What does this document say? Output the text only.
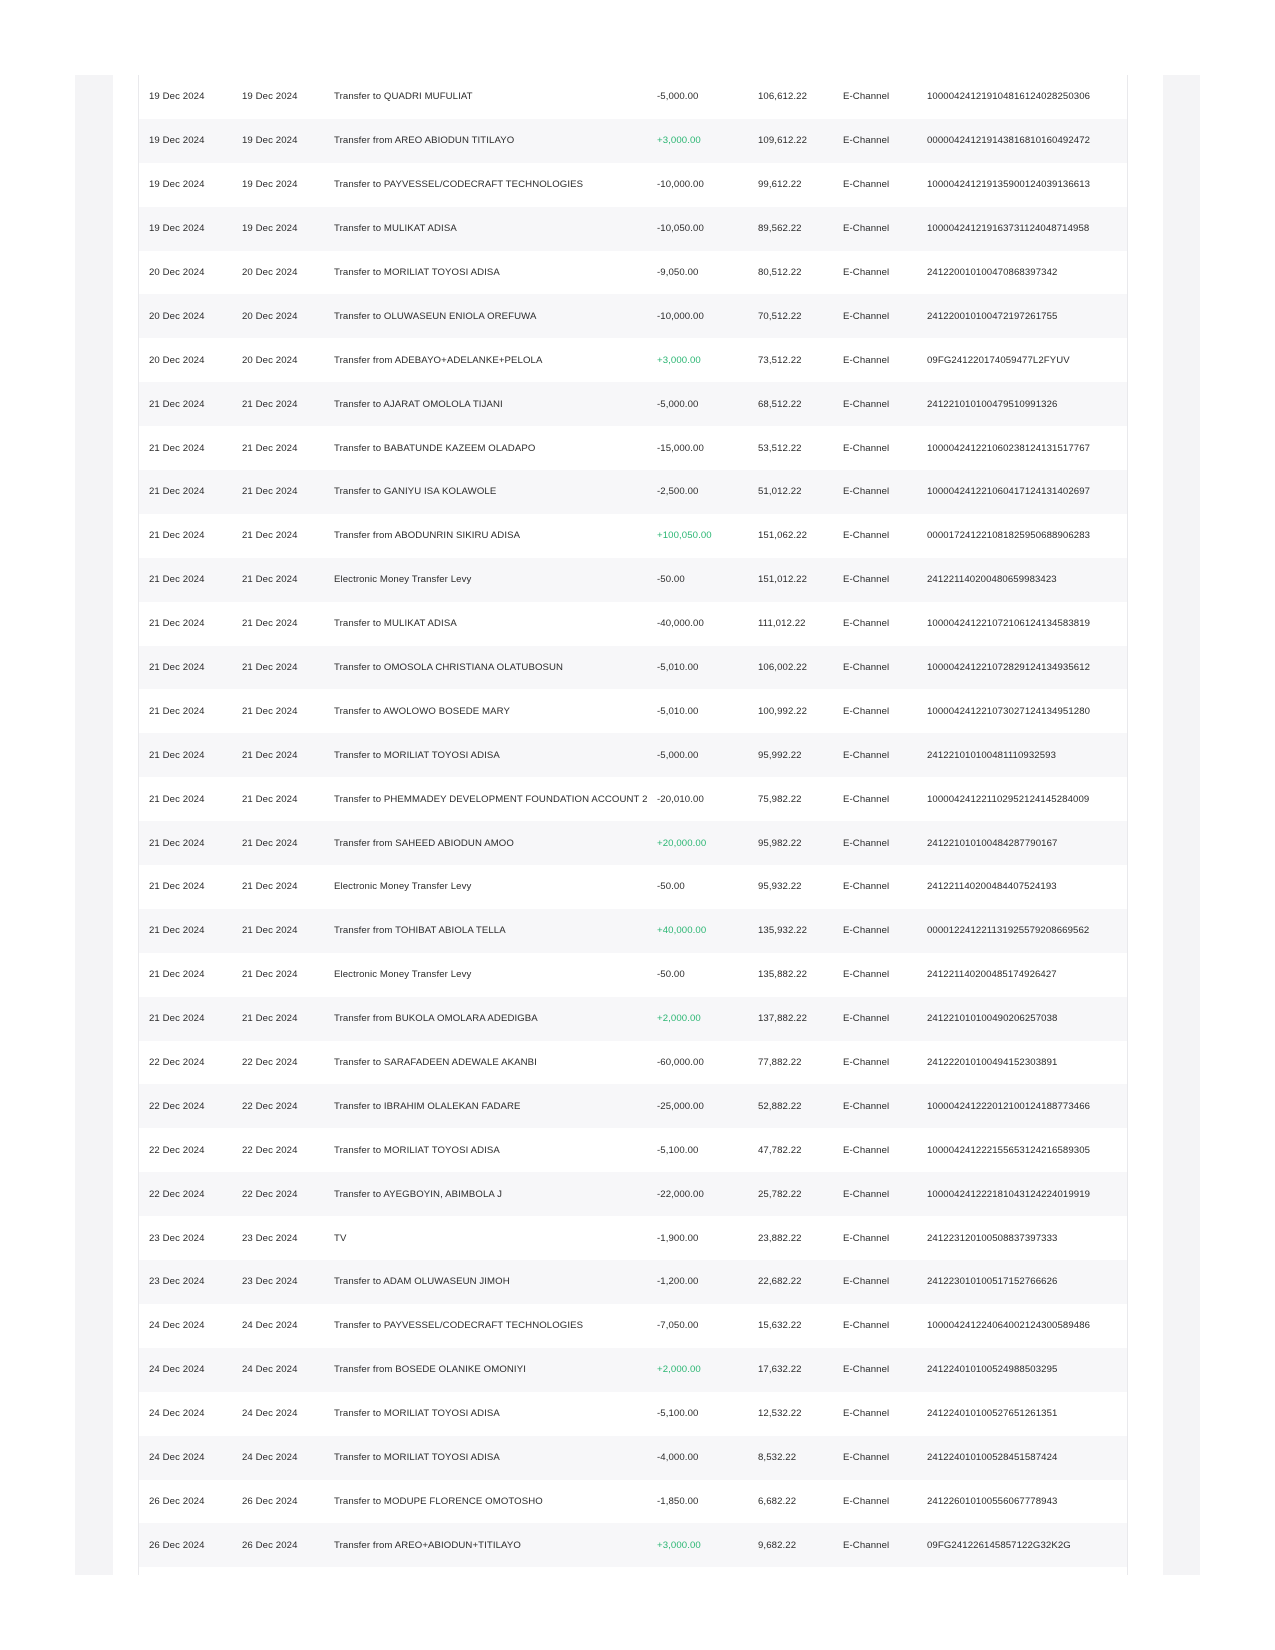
19 Dec 2024	19 Dec 2024	Transfer to QUADRI MUFULIAT	-5,000.00	106,612.22	E-Channel	100004241219104816124028250306
19 Dec 2024	19 Dec 2024	Transfer from AREO ABIODUN TITILAYO	+3,000.00	109,612.22	E-Channel	000004241219143816810160492472
19 Dec 2024	19 Dec 2024	Transfer to PAYVESSEL/CODECRAFT TECHNOLOGIES	-10,000.00	99,612.22	E-Channel	100004241219135900124039136613
19 Dec 2024	19 Dec 2024	Transfer to MULIKAT ADISA	-10,050.00	89,562.22	E-Channel	100004241219163731124048714958
20 Dec 2024	20 Dec 2024	Transfer to MORILIAT TOYOSI ADISA	-9,050.00	80,512.22	E-Channel	241220010100470868397342
20 Dec 2024	20 Dec 2024	Transfer to OLUWASEUN ENIOLA OREFUWA	-10,000.00	70,512.22	E-Channel	241220010100472197261755
20 Dec 2024	20 Dec 2024	Transfer from ADEBAYO+ADELANKE+PELOLA	+3,000.00	73,512.22	E-Channel	09FG241220174059477L2FYUV
21 Dec 2024	21 Dec 2024	Transfer to AJARAT OMOLOLA TIJANI	-5,000.00	68,512.22	E-Channel	241221010100479510991326
21 Dec 2024	21 Dec 2024	Transfer to BABATUNDE KAZEEM OLADAPO	-15,000.00	53,512.22	E-Channel	100004241221060238124131517767
21 Dec 2024	21 Dec 2024	Transfer to GANIYU ISA KOLAWOLE	-2,500.00	51,012.22	E-Channel	100004241221060417124131402697
21 Dec 2024	21 Dec 2024	Transfer from ABODUNRIN SIKIRU ADISA	+100,050.00	151,062.22	E-Channel	000017241221081825950688906283
21 Dec 2024	21 Dec 2024	Electronic Money Transfer Levy	-50.00	151,012.22	E-Channel	241221140200480659983423
21 Dec 2024	21 Dec 2024	Transfer to MULIKAT ADISA	-40,000.00	111,012.22	E-Channel	100004241221072106124134583819
21 Dec 2024	21 Dec 2024	Transfer to OMOSOLA CHRISTIANA OLATUBOSUN	-5,010.00	106,002.22	E-Channel	100004241221072829124134935612
21 Dec 2024	21 Dec 2024	Transfer to AWOLOWO BOSEDE MARY	-5,010.00	100,992.22	E-Channel	100004241221073027124134951280
21 Dec 2024	21 Dec 2024	Transfer to MORILIAT TOYOSI ADISA	-5,000.00	95,992.22	E-Channel	241221010100481110932593
21 Dec 2024	21 Dec 2024	Transfer to PHEMMADEY DEVELOPMENT FOUNDATION ACCOUNT 2 -20,010.00	75,982.22	E-Channel	100004241221102952124145284009
21 Dec 2024	21 Dec 2024	Transfer from SAHEED ABIODUN AMOO	+20,000.00	95,982.22	E-Channel	241221010100484287790167
21 Dec 2024	21 Dec 2024	Electronic Money Transfer Levy	-50.00	95,932.22	E-Channel	241221140200484407524193
21 Dec 2024	21 Dec 2024	Transfer from TOHIBAT ABIOLA TELLA	+40,000.00	135,932.22	E-Channel	000012241221131925579208669562
21 Dec 2024	21 Dec 2024	Electronic Money Transfer Levy	-50.00	135,882.22	E-Channel	241221140200485174926427
21 Dec 2024	21 Dec 2024	Transfer from BUKOLA OMOLARA ADEDIGBA	+2,000.00	137,882.22	E-Channel	241221010100490206257038
22 Dec 2024	22 Dec 2024	Transfer to SARAFADEEN ADEWALE AKANBI	-60,000.00	77,882.22	E-Channel	241222010100494152303891
22 Dec 2024	22 Dec 2024	Transfer to IBRAHIM OLALEKAN FADARE	-25,000.00	52,882.22	E-Channel	100004241222012100124188773466
22 Dec 2024	22 Dec 2024	Transfer to MORILIAT TOYOSI ADISA	-5,100.00	47,782.22	E-Channel	100004241222155653124216589305
22 Dec 2024	22 Dec 2024	Transfer to AYEGBOYIN, ABIMBOLA J	-22,000.00	25,782.22	E-Channel	100004241222181043124224019919
23 Dec 2024	23 Dec 2024	TV	-1,900.00	23,882.22	E-Channel	241223120100508837397333
23 Dec 2024	23 Dec 2024	Transfer to ADAM OLUWASEUN JIMOH	-1,200.00	22,682.22	E-Channel	241223010100517152766626
24 Dec 2024	24 Dec 2024	Transfer to PAYVESSEL/CODECRAFT TECHNOLOGIES	-7,050.00	15,632.22	E-Channel	100004241224064002124300589486
24 Dec 2024	24 Dec 2024	Transfer from BOSEDE OLANIKE OMONIYI	+2,000.00	17,632.22	E-Channel	241224010100524988503295
24 Dec 2024	24 Dec 2024	Transfer to MORILIAT TOYOSI ADISA	-5,100.00	12,532.22	E-Channel	241224010100527651261351
24 Dec 2024	24 Dec 2024	Transfer to MORILIAT TOYOSI ADISA	-4,000.00	8,532.22	E-Channel	241224010100528451587424
26 Dec 2024	26 Dec 2024	Transfer to MODUPE FLORENCE OMOTOSHO	-1,850.00	6,682.22	E-Channel	241226010100556067778943
26 Dec 2024	26 Dec 2024	Transfer from AREO+ABIODUN+TITILAYO	+3,000.00	9,682.22	E-Channel	09FG241226145857122G32K2G
